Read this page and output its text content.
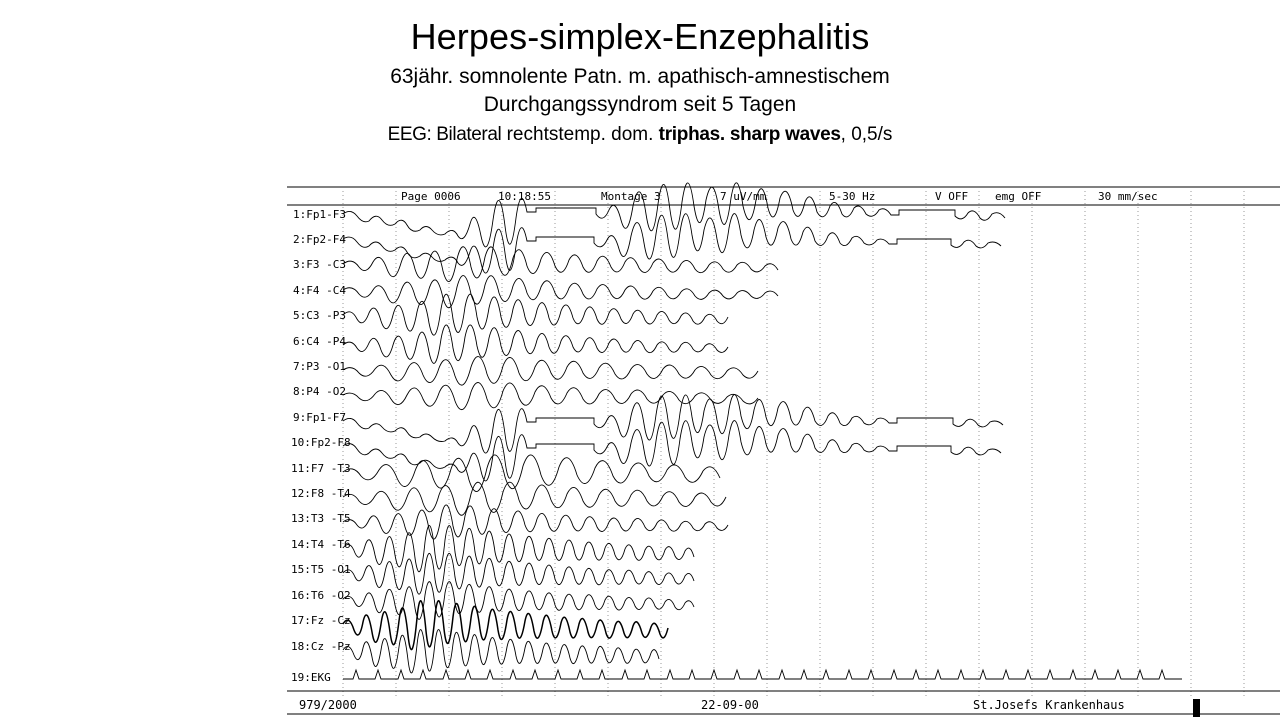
Herpes-simplex-Enzephalitis
63jähr. somnolente Patn. m. apathisch-amnestischem
Durchgangssyndrom seit 5 Tagen
EEG: Bilateral rechtstemp. dom. triphas. sharp waves, 0,5/s
Page 0006	10:18:55	Montage 3	7 uV/mm	5-30 Hz	V OFF emg OFF	30 mm/sec
1:Fp1-F3
2:Fp2-F4
3:F3 -C3
4:F4 -C4
5:C3 -P3
6:C4 -P4
7:P3 -O1
8:P4 -O2
9:Fp1-F7
10:Fp2-F8
11:F7 -T3
12:F8 -T4
13:T3 -T5
14:T4 -T6
15:T5 -O1
16:T6 -O2
17:Fz -Cz
18:Cz -Pz
19:EKG
979/2000	22-09-00	St.Josefs Krankenhaus
